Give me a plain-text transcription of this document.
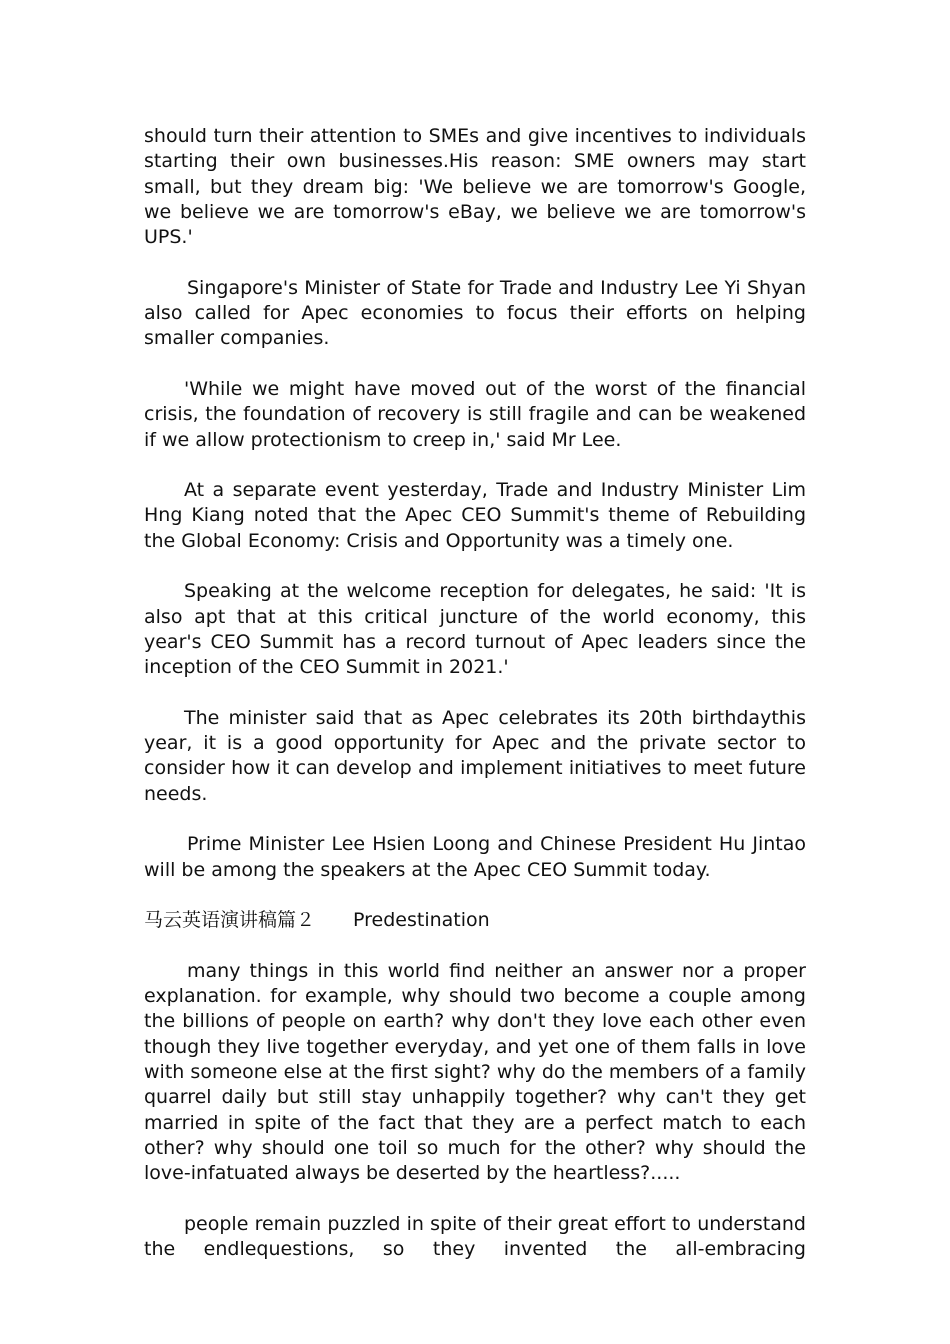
should turn their attention to SMEs and give incentives to individuals starting their own businesses.His reason: SME owners may start small, but they dream big: 'We believe we are tomorrow's Google, we believe we are tomorrow's eBay, we believe we are tomorrow's UPS.'

Singapore's Minister of State for Trade and Industry Lee Yi Shyan also called for Apec economies to focus their efforts on helping smaller companies.

'While we might have moved out of the worst of the financial crisis, the foundation of recovery is still fragile and can be weakened if we allow protectionism to creep in,' said Mr Lee.

At a separate event yesterday, Trade and Industry Minister Lim Hng Kiang noted that the Apec CEO Summit's theme of Rebuilding the Global Economy: Crisis and Opportunity was a timely one.

Speaking at the welcome reception for delegates, he said: 'It is also apt that at this critical juncture of the world economy, this year's CEO Summit has a record turnout of Apec leaders since the inception of the CEO Summit in 2021.'

The minister said that as Apec celebrates its 20th birthdaythis year, it is a good opportunity for Apec and the private sector to consider how it can develop and implement initiatives to meet future needs.

Prime Minister Lee Hsien Loong and Chinese President Hu Jintao will be among the speakers at the Apec CEO Summit today.

马云英语演讲稿篇２ Predestination

many things in this world find neither an answer nor a proper explanation. for example, why should two become a couple among the billions of people on earth? why don't they love each other even though they live together everyday, and yet one of them falls in love with someone else at the first sight? why do the members of a family quarrel daily but still stay unhappily together? why can't they get married in spite of the fact that they are a perfect match to each other? why should one toil so much for the other? why should the love-infatuated always be deserted by the heartless?.....

people remain puzzled in spite of their great effort to understand the endlequestions, so they invented the all-embracing
